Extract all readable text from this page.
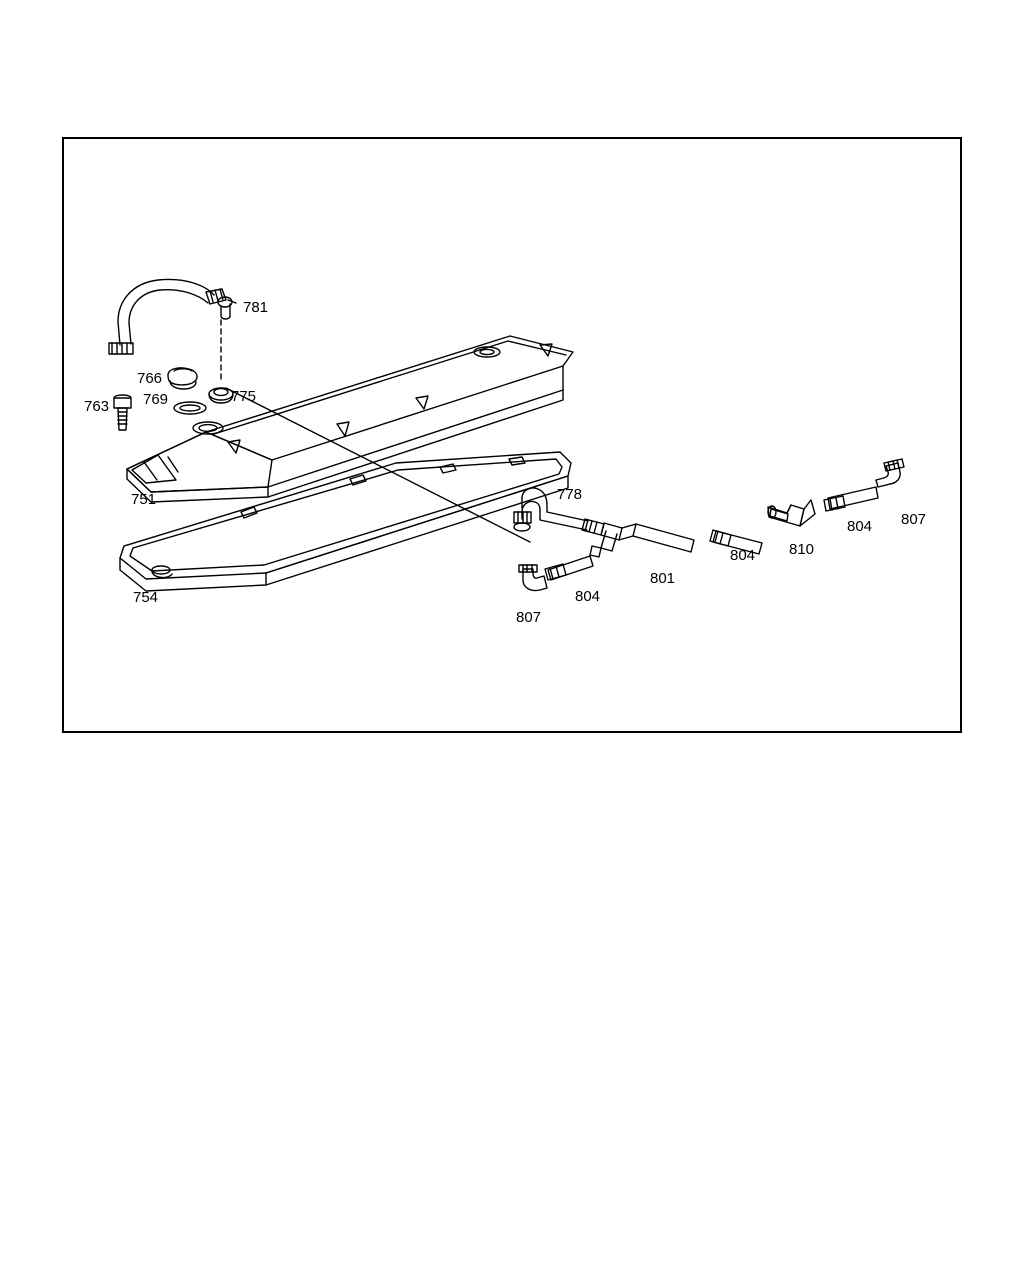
781
766
775
769
763
751
754
778
807
804
801
804 810
804 807
